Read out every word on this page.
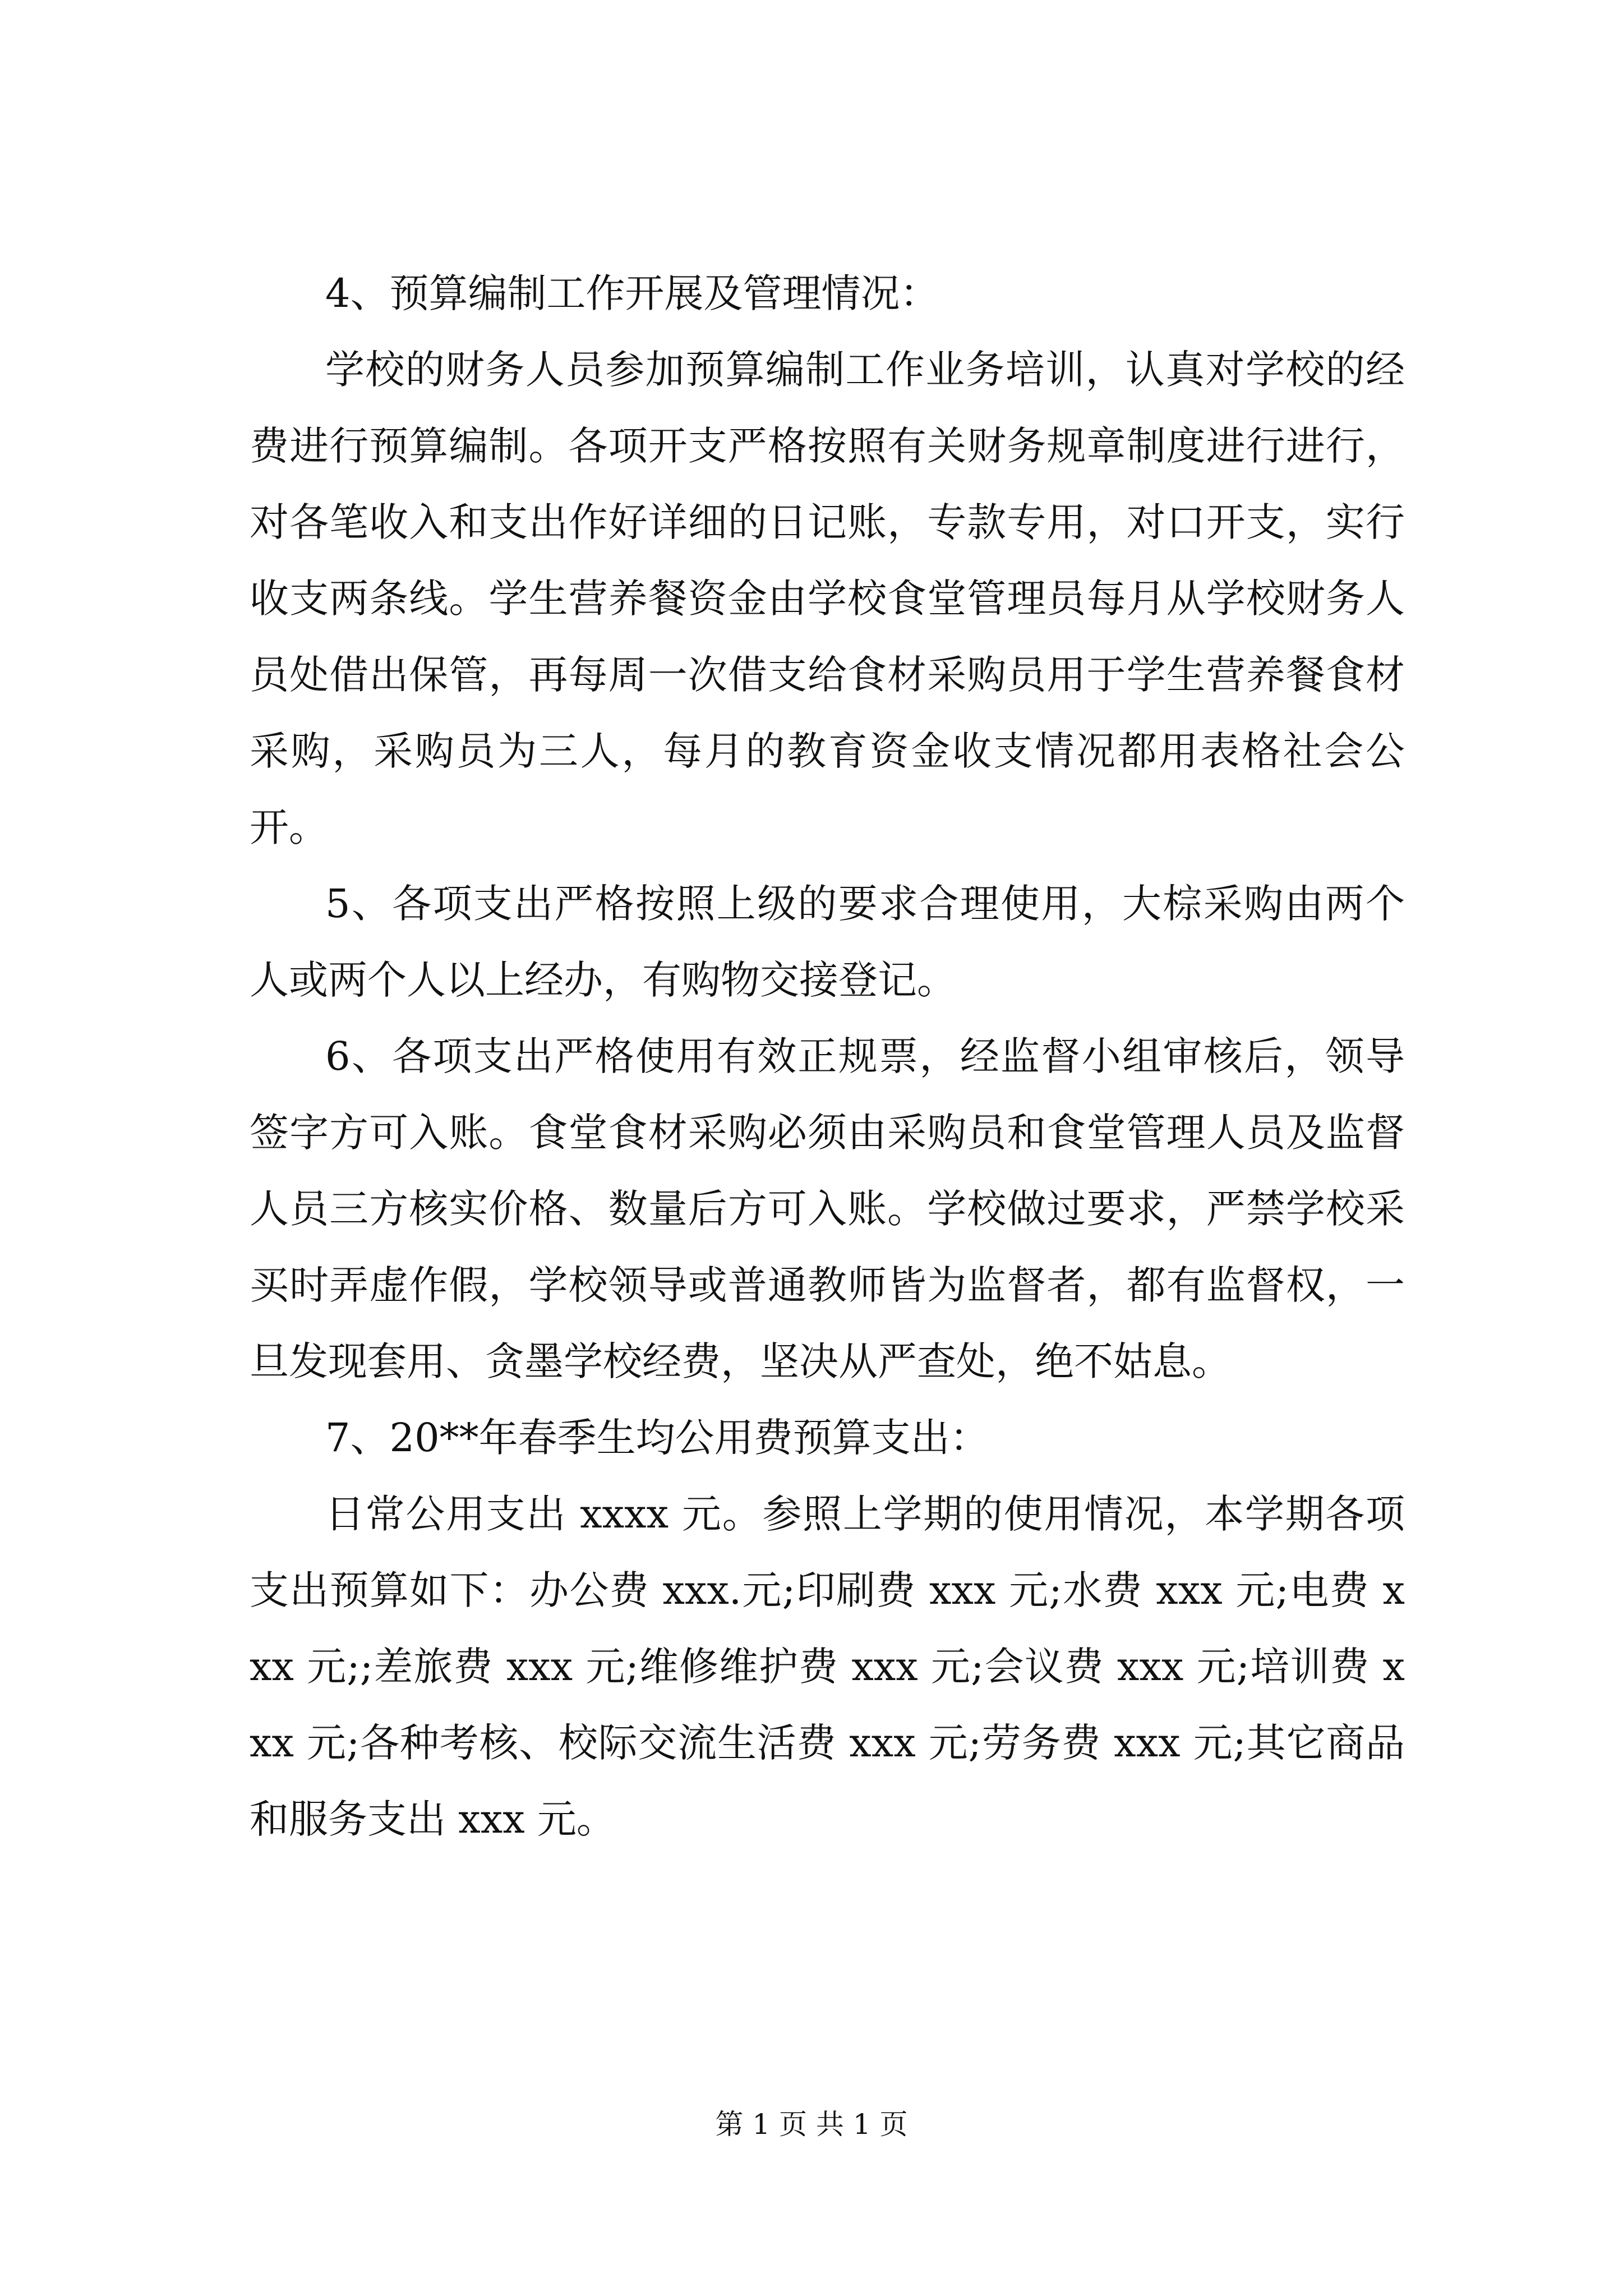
4、预算编制工作开展及管理情况：

学校的财务人员参加预算编制工作业务培训，认真对学校的经费进行预算编制。各项开支严格按照有关财务规章制度进行进行，对各笔收入和支出作好详细的日记账，专款专用，对口开支，实行收支两条线。学生营养餐资金由学校食堂管理员每月从学校财务人员处借出保管，再每周一次借支给食材采购员用于学生营养餐食材采购，采购员为三人，每月的教育资金收支情况都用表格社会公开。

5、各项支出严格按照上级的要求合理使用，大棕采购由两个人或两个人以上经办，有购物交接登记。

6、各项支出严格使用有效正规票，经监督小组审核后，领导签字方可入账。食堂食材采购必须由采购员和食堂管理人员及监督人员三方核实价格、数量后方可入账。学校做过要求，严禁学校采买时弄虚作假，学校领导或普通教师皆为监督者，都有监督权，一旦发现套用、贪墨学校经费，坚决从严查处，绝不姑息。

7、20**年春季生均公用费预算支出：

日常公用支出 xxxx 元。参照上学期的使用情况，本学期各项支出预算如下：办公费 xxx.元;印刷费 xxx 元;水费 xxx 元;电费 xxx 元;;差旅费 xxx 元;维修维护费 xxx 元;会议费 xxx 元;培训费 xxx 元;各种考核、校际交流生活费 xxx 元;劳务费 xxx 元;其它商品和服务支出 xxx 元。

第 1 页 共 1 页
